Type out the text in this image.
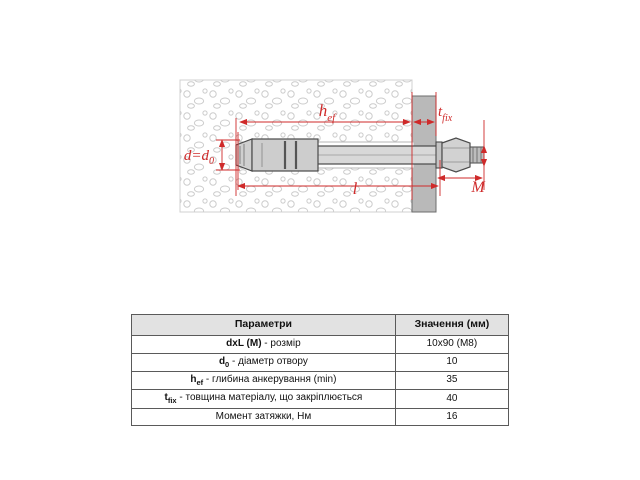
$h_{ef}$	$t_{fix}$
l
$d=d_0$
M
Параметри	Значення (мм)
dxL (M) - розмір	10x90 (M8)
$d_0$ - діаметр отвору	10
$h_{ef}$ - глибина анкерування (min)	35
$t_{fix}$ - товщина матеріалу, що закріплюється	40
Момент затяжки, Нм	16
